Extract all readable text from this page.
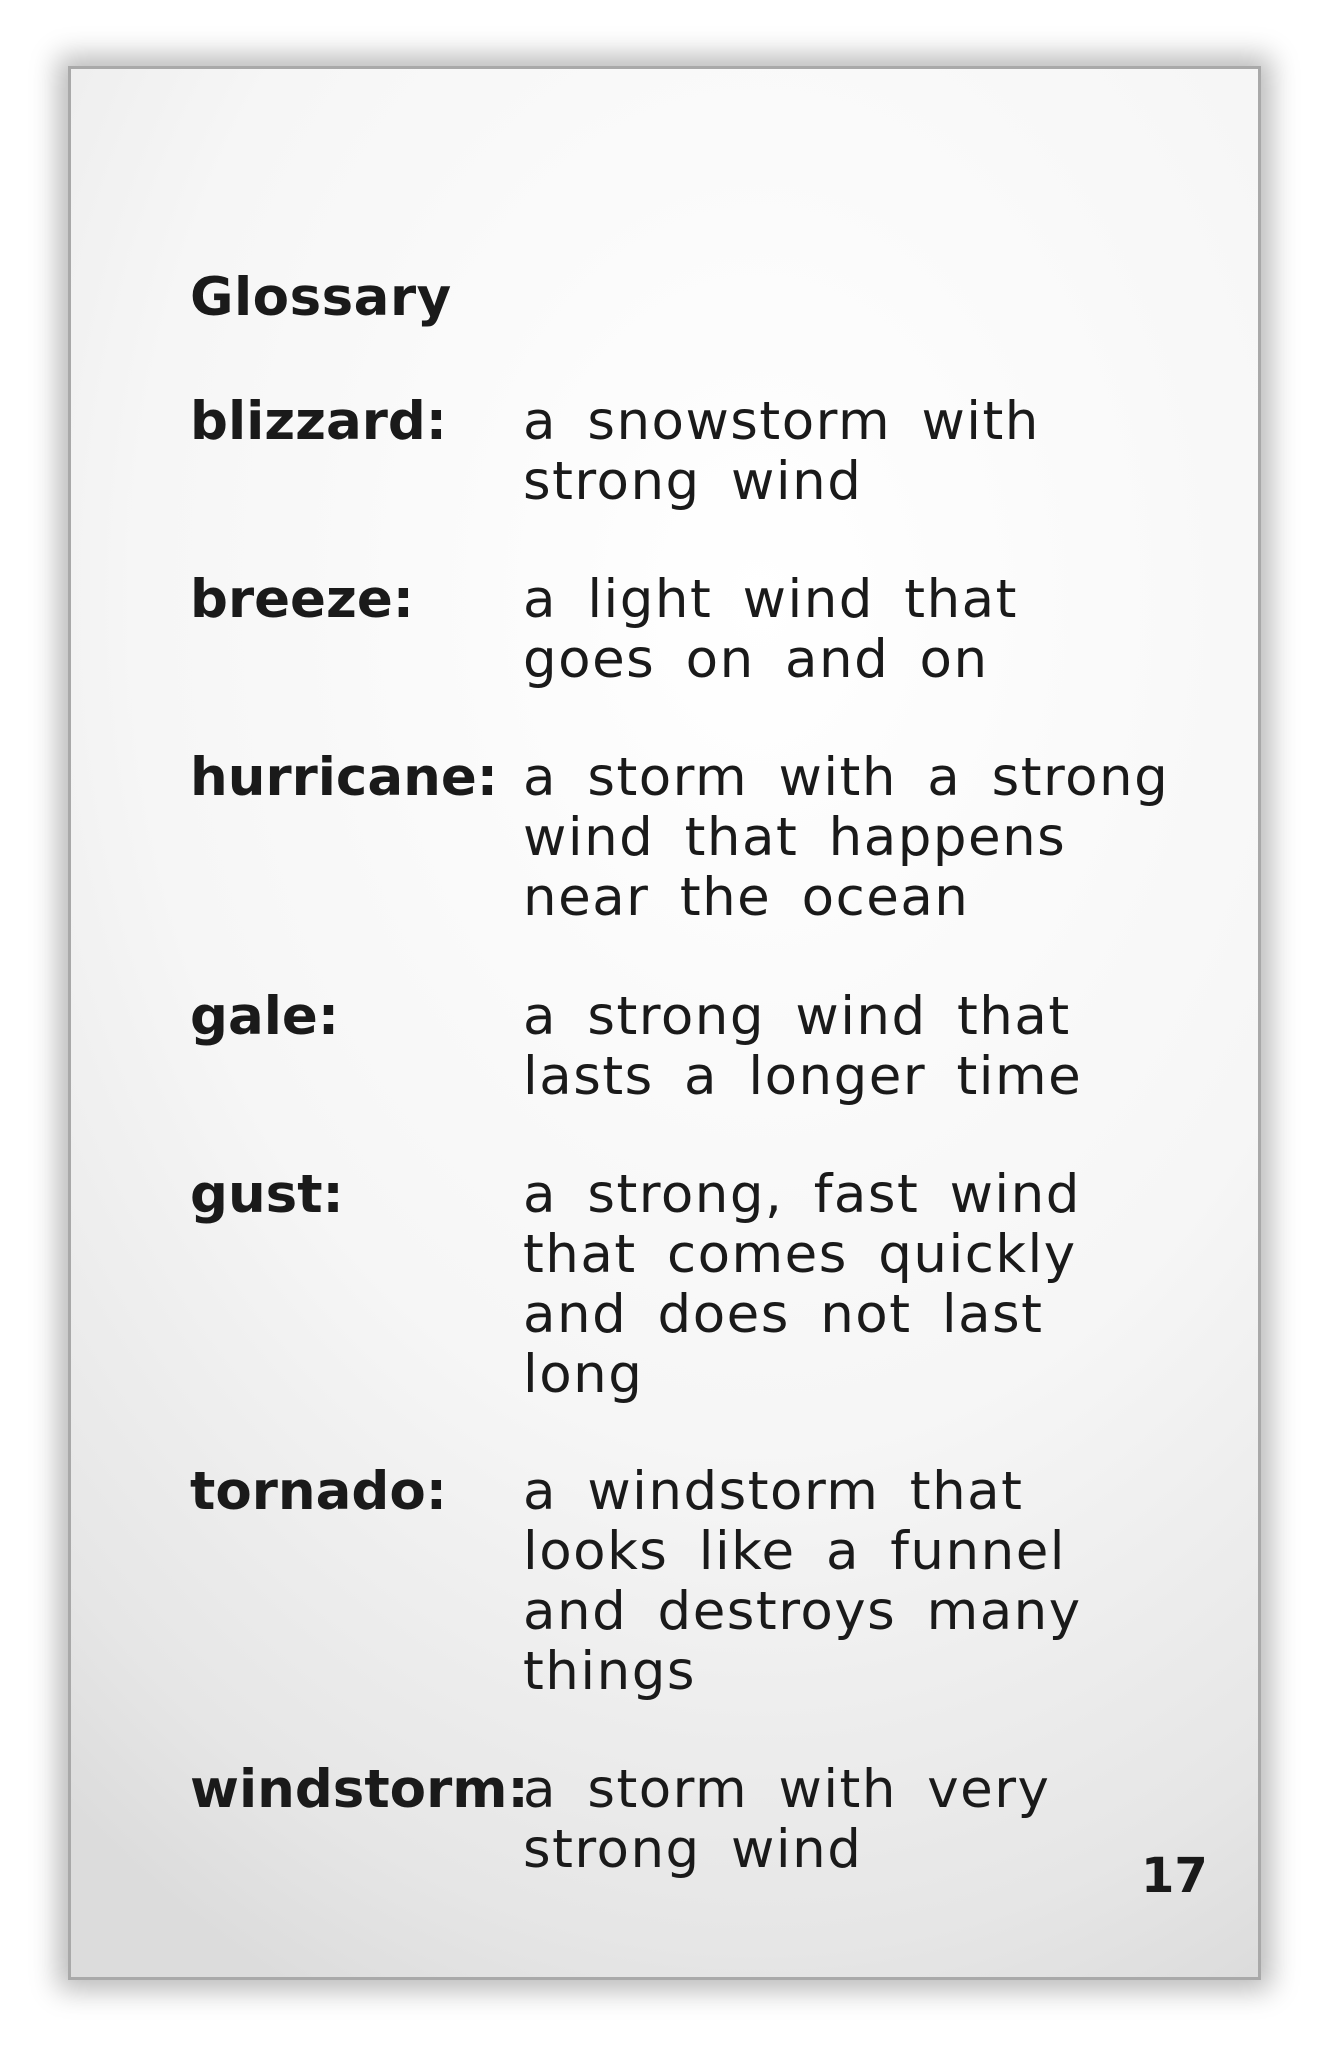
Glossary
blizzard: a snowstorm with
strong wind
breeze: a light wind that
goes on and on
hurricane: a storm with a strong
wind that happens
near the ocean
gale:	a strong wind that
lasts a longer time
gust:	a strong, fast wind
that comes quickly
and does not last
long
tornado: a windstorm that
looks like a funnel
and destroys many
things
windstorm:
a storm with very
strong wind	17
